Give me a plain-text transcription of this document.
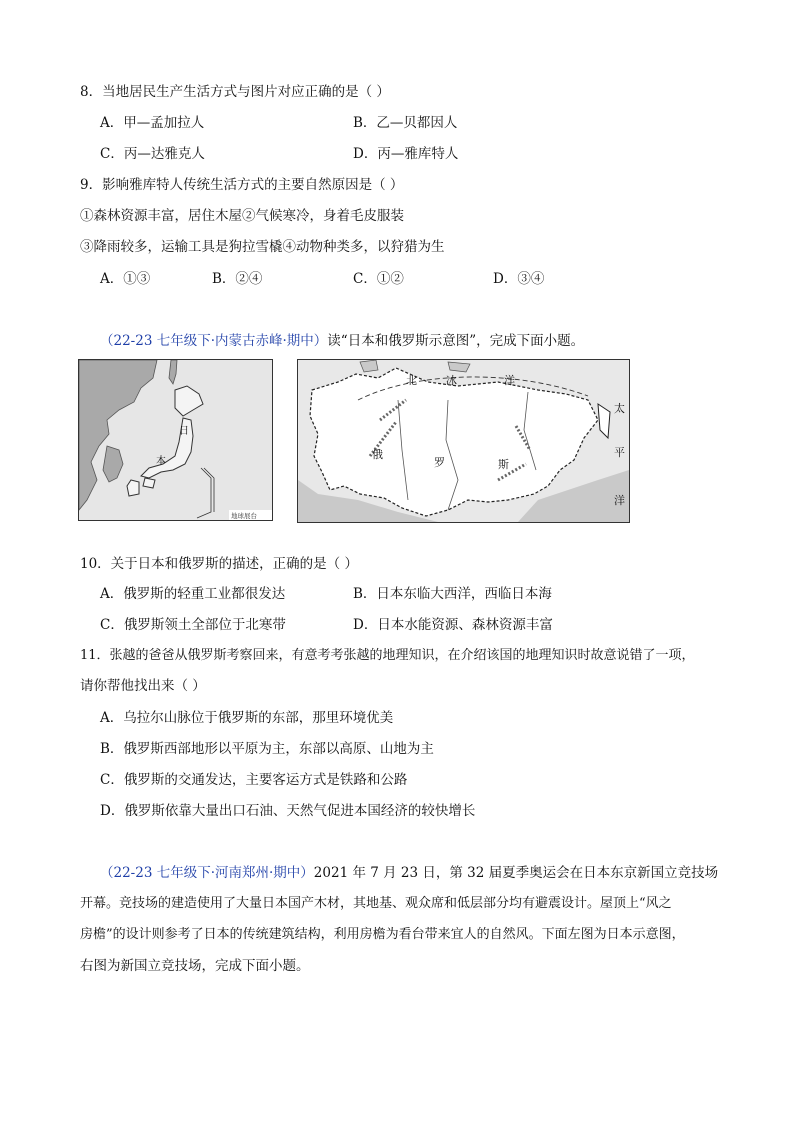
8．当地居民生产生活方式与图片对应正确的是（ ）
A．甲—孟加拉人	B．乙—贝都因人
C．丙—达雅克人	D．丙—雅库特人
9．影响雅库特人传统生活方式的主要自然原因是（ ）
①森林资源丰富，居住木屋②气候寒冷，身着毛皮服装
③降雨较多，运输工具是狗拉雪橇④动物种类多，以狩猎为生
A．①③	B．②④	C．①②	D．③④
（22-23 七年级下·内蒙古赤峰·期中）读“日本和俄罗斯示意图”，完成下面小题。
日
本
地球展台
俄
罗	斯
北	冰	洋
太
平
洋
10．关于日本和俄罗斯的描述，正确的是（ ）
A．俄罗斯的轻重工业都很发达	B．日本东临大西洋，西临日本海
C．俄罗斯领土全部位于北寒带	D．日本水能资源、森林资源丰富
11．张越的爸爸从俄罗斯考察回来，有意考考张越的地理知识，在介绍该国的地理知识时故意说错了一项，
请你帮他找出来（ ）
A．乌拉尔山脉位于俄罗斯的东部，那里环境优美
B．俄罗斯西部地形以平原为主，东部以高原、山地为主
C．俄罗斯的交通发达，主要客运方式是铁路和公路
D．俄罗斯依靠大量出口石油、天然气促进本国经济的较快增长
（22-23 七年级下·河南郑州·期中）2021 年 7 月 23 日，第 32 届夏季奥运会在日本东京新国立竞技场
开幕。竞技场的建造使用了大量日本国产木材，其地基、观众席和低层部分均有避震设计。屋顶上“风之
房檐”的设计则参考了日本的传统建筑结构，利用房檐为看台带来宜人的自然风。下面左图为日本示意图，
右图为新国立竞技场，完成下面小题。
